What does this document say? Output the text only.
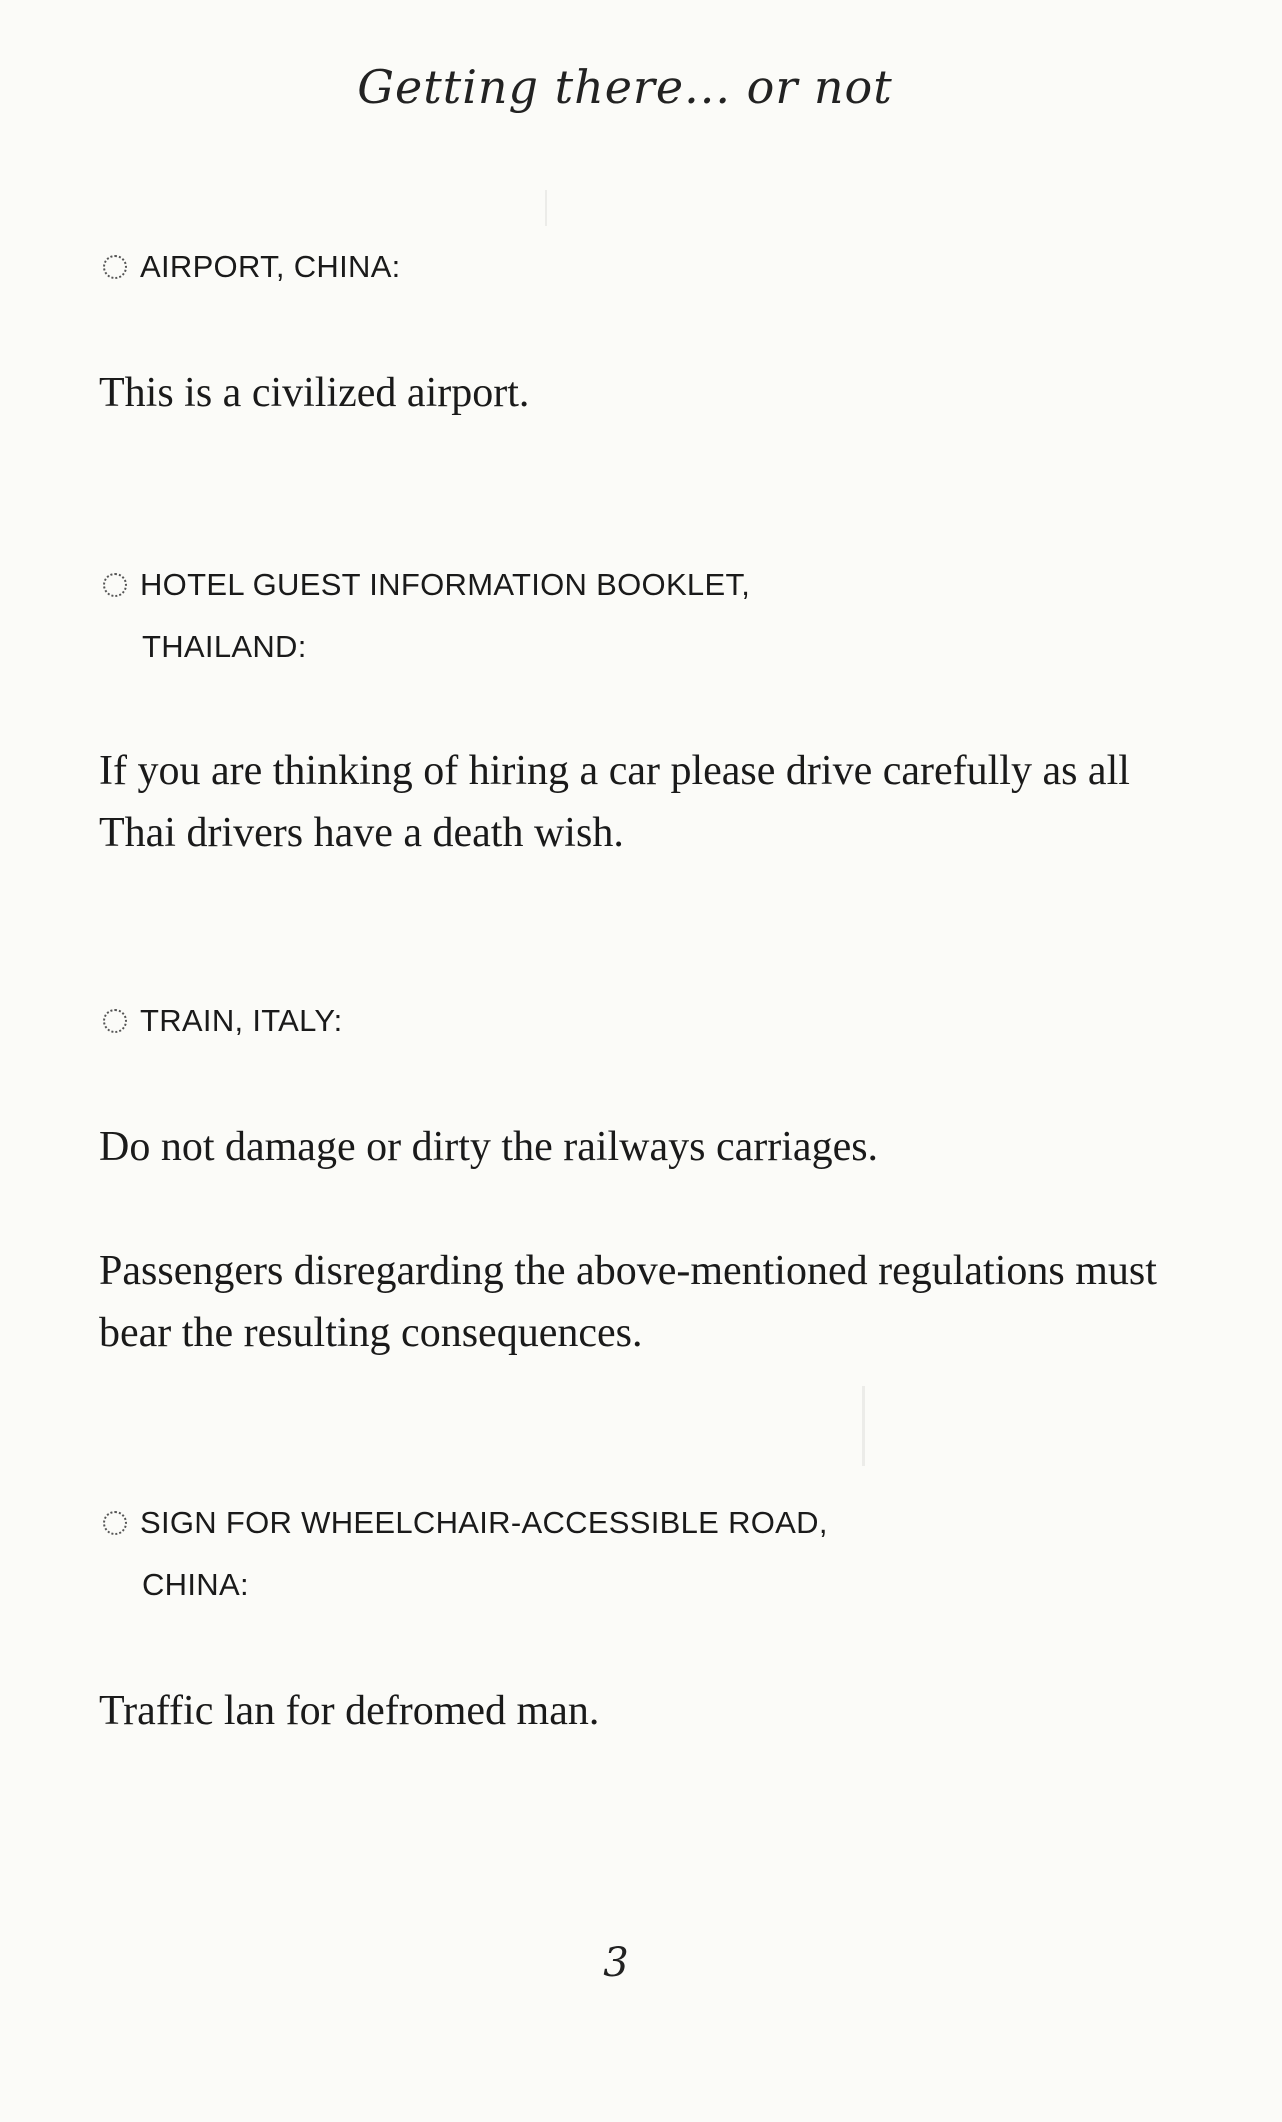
Getting there... or not
AIRPORT, CHINA:
This is a civilized airport.
HOTEL GUEST INFORMATION BOOKLET,
THAILAND:
If you are thinking of hiring a car please drive carefully as all Thai drivers have a death wish.
TRAIN, ITALY:
Do not damage or dirty the railways carriages.
Passengers disregarding the above-mentioned regulations must bear the resulting consequences.
SIGN FOR WHEELCHAIR-ACCESSIBLE ROAD,
CHINA:
Traffic lan for defromed man.
3
